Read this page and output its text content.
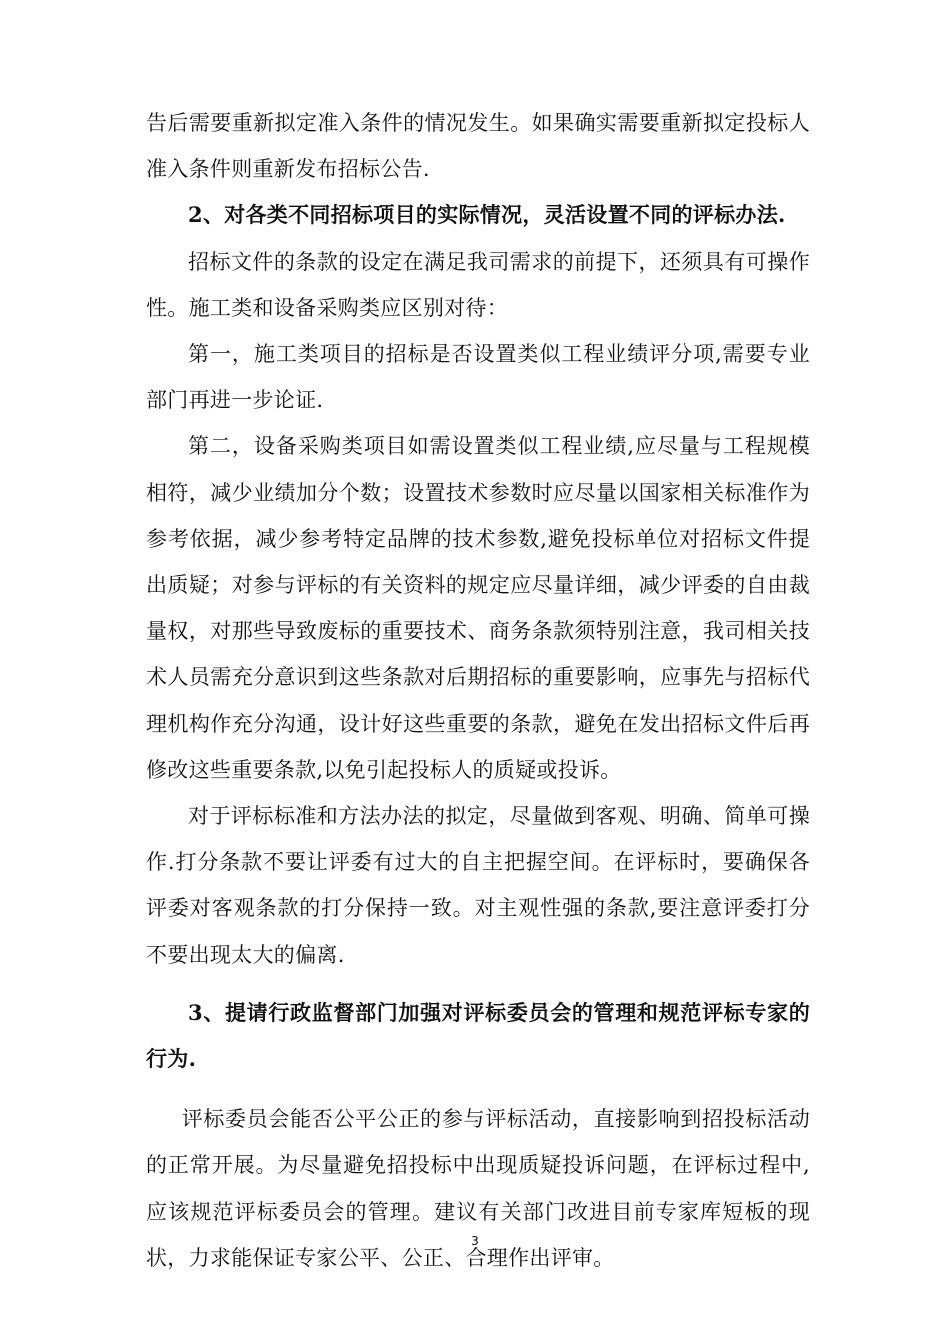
告后需要重新拟定准入条件的情况发生。如果确实需要重新拟定投标人准入条件则重新发布招标公告.

2、对各类不同招标项目的实际情况，灵活设置不同的评标办法.

招标文件的条款的设定在满足我司需求的前提下，还须具有可操作性。施工类和设备采购类应区别对待：

第一，施工类项目的招标是否设置类似工程业绩评分项,需要专业部门再进一步论证.

第二，设备采购类项目如需设置类似工程业绩,应尽量与工程规模相符，减少业绩加分个数；设置技术参数时应尽量以国家相关标准作为参考依据，减少参考特定品牌的技术参数,避免投标单位对招标文件提出质疑；对参与评标的有关资料的规定应尽量详细，减少评委的自由裁量权，对那些导致废标的重要技术、商务条款须特别注意，我司相关技术人员需充分意识到这些条款对后期招标的重要影响，应事先与招标代理机构作充分沟通，设计好这些重要的条款，避免在发出招标文件后再修改这些重要条款,以免引起投标人的质疑或投诉。

对于评标标准和方法办法的拟定，尽量做到客观、明确、简单可操作.打分条款不要让评委有过大的自主把握空间。在评标时，要确保各评委对客观条款的打分保持一致。对主观性强的条款,要注意评委打分不要出现太大的偏离.

3、提请行政监督部门加强对评标委员会的管理和规范评标专家的行为.

评标委员会能否公平公正的参与评标活动，直接影响到招投标活动的正常开展。为尽量避免招投标中出现质疑投诉问题，在评标过程中,应该规范评标委员会的管理。建议有关部门改进目前专家库短板的现状，力求能保证专家公平、公正、合理作出评审。

3
